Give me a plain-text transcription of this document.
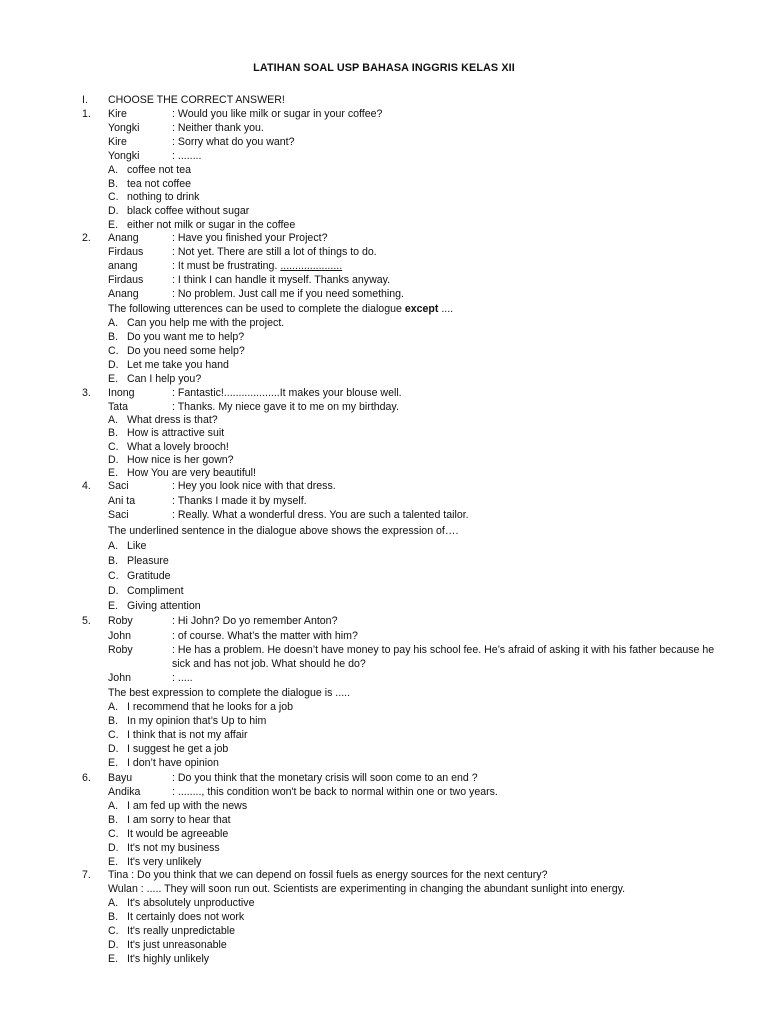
LATIHAN SOAL USP BAHASA INGGRIS KELAS XII
I. CHOOSE THE CORRECT ANSWER!
1. Kire	: Would you like milk or sugar in your coffee?
Yongki	: Neither thank you.
Kire	: Sorry what do you want?
Yongki	: ........
A. coffee not tea
B. tea not coffee
C. nothing to drink
D. black coffee without sugar
E. either not milk or sugar in the coffee
2. Anang	: Have you finished your Project?
Firdaus	: Not yet. There are still a lot of things to do.
anang	: It must be frustrating. .....................
Firdaus	: I think I can handle it myself. Thanks anyway.
Anang	: No problem. Just call me if you need something.
The following utterences can be used to complete the dialogue except ....
A. Can you help me with the project.
B. Do you want me to help?
C. Do you need some help?
D. Let me take you hand
E. Can I help you?
3. Inong	: Fantastic!...................It makes your blouse well.
Tata	: Thanks. My niece gave it to me on my birthday.
A. What dress is that?
B. How is attractive suit
C. What a lovely brooch!
D. How nice is her gown?
E. How You are very beautiful!
4. Saci	: Hey you look nice with that dress.
Ani ta	: Thanks I made it by myself.
Saci	: Really. What a wonderful dress. You are such a talented tailor.
The underlined sentence in the dialogue above shows the expression of….
A. Like
B. Pleasure
C. Gratitude
D. Compliment
E. Giving attention
5. Roby	: Hi John? Do yo remember Anton?
John	: of course. What’s the matter with him?
Roby	: He has a problem. He doesn’t have money to pay his school fee. He’s afraid of asking it with his father because he
sick and has not job. What should he do?
John	: .....
The best expression to complete the dialogue is .....
A. I recommend that he looks for a job
B. In my opinion that’s Up to him
C. I think that is not my affair
D. I suggest he get a job
E. I don’t have opinion
6. Bayu	: Do you think that the monetary crisis will soon come to an end ?
Andika	: ........, this condition won't be back to normal within one or two years.
A. I am fed up with the news
B. I am sorry to hear that
C. It would be agreeable
D. It's not my business
E. It's very unlikely
7. Tina : Do you think that we can depend on fossil fuels as energy sources for the next century?
Wulan : ..... They will soon run out. Scientists are experimenting in changing the abundant sunlight into energy.
A. It's absolutely unproductive
B. It certainly does not work
C. It's really unpredictable
D. It's just unreasonable
E. It's highly unlikely
